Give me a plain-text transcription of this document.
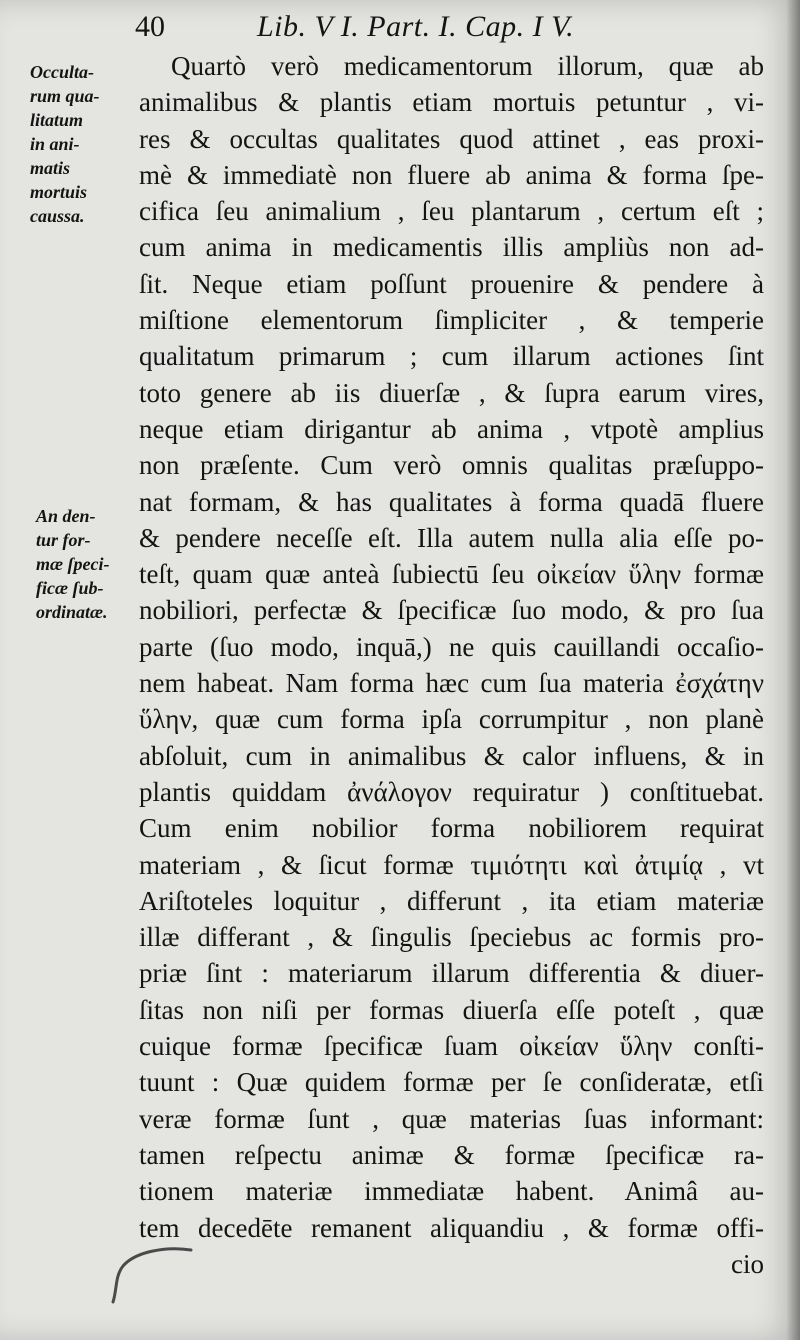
40	Lib. V I. Part. I. Cap. I V.
Occulta-
rum qua-
litatum
in ani-
matis
mortuis
caussa.
An den-
tur for-
mæ ſpeci-
ficæ ſub-
ordinatæ.
Quartò verò medicamentorum illorum, quæ ab
animalibus & plantis etiam mortuis petuntur , vi-
res & occultas qualitates quod attinet , eas proxi-
mè & immediatè non fluere ab anima & forma ſpe-
cifica ſeu animalium , ſeu plantarum , certum eſt ;
cum anima in medicamentis illis ampliùs non ad-
ſit. Neque etiam poſſunt prouenire & pendere à
miſtione elementorum ſimpliciter , & temperie
qualitatum primarum ; cum illarum actiones ſint
toto genere ab iis diuerſæ , & ſupra earum vires,
neque etiam dirigantur ab anima , vtpotè amplius
non præſente. Cum verò omnis qualitas præſuppo-
nat formam, & has qualitates à forma quadā fluere
& pendere neceſſe eſt. Illa autem nulla alia eſſe po-
teſt, quam quæ anteà ſubiectū ſeu οἰκείαν ὕλην formæ
nobiliori, perfectæ & ſpecificæ ſuo modo, & pro ſua
parte (ſuo modo, inquā,) ne quis cauillandi occaſio-
nem habeat. Nam forma hæc cum ſua materia ἐσχάτην
ὕλην, quæ cum forma ipſa corrumpitur , non planè
abſoluit, cum in animalibus & calor influens, & in
plantis quiddam ἀνάλογον requiratur ) conſtituebat.
Cum enim nobilior forma nobiliorem requirat
materiam , & ſicut formæ τιμιότητι καὶ ἀτιμίᾳ , vt
Ariſtoteles loquitur , differunt , ita etiam materiæ
illæ differant , & ſingulis ſpeciebus ac formis pro-
priæ ſint : materiarum illarum differentia & diuer-
ſitas non niſi per formas diuerſa eſſe poteſt , quæ
cuique formæ ſpecificæ ſuam οἰκείαν ὕλην conſti-
tuunt : Quæ quidem formæ per ſe conſideratæ, etſi
veræ formæ ſunt , quæ materias ſuas informant:
tamen reſpectu animæ & formæ ſpecificæ ra-
tionem materiæ immediatæ habent. Animâ au-
tem decedēte remanent aliquandiu , & formæ offi-
cio
